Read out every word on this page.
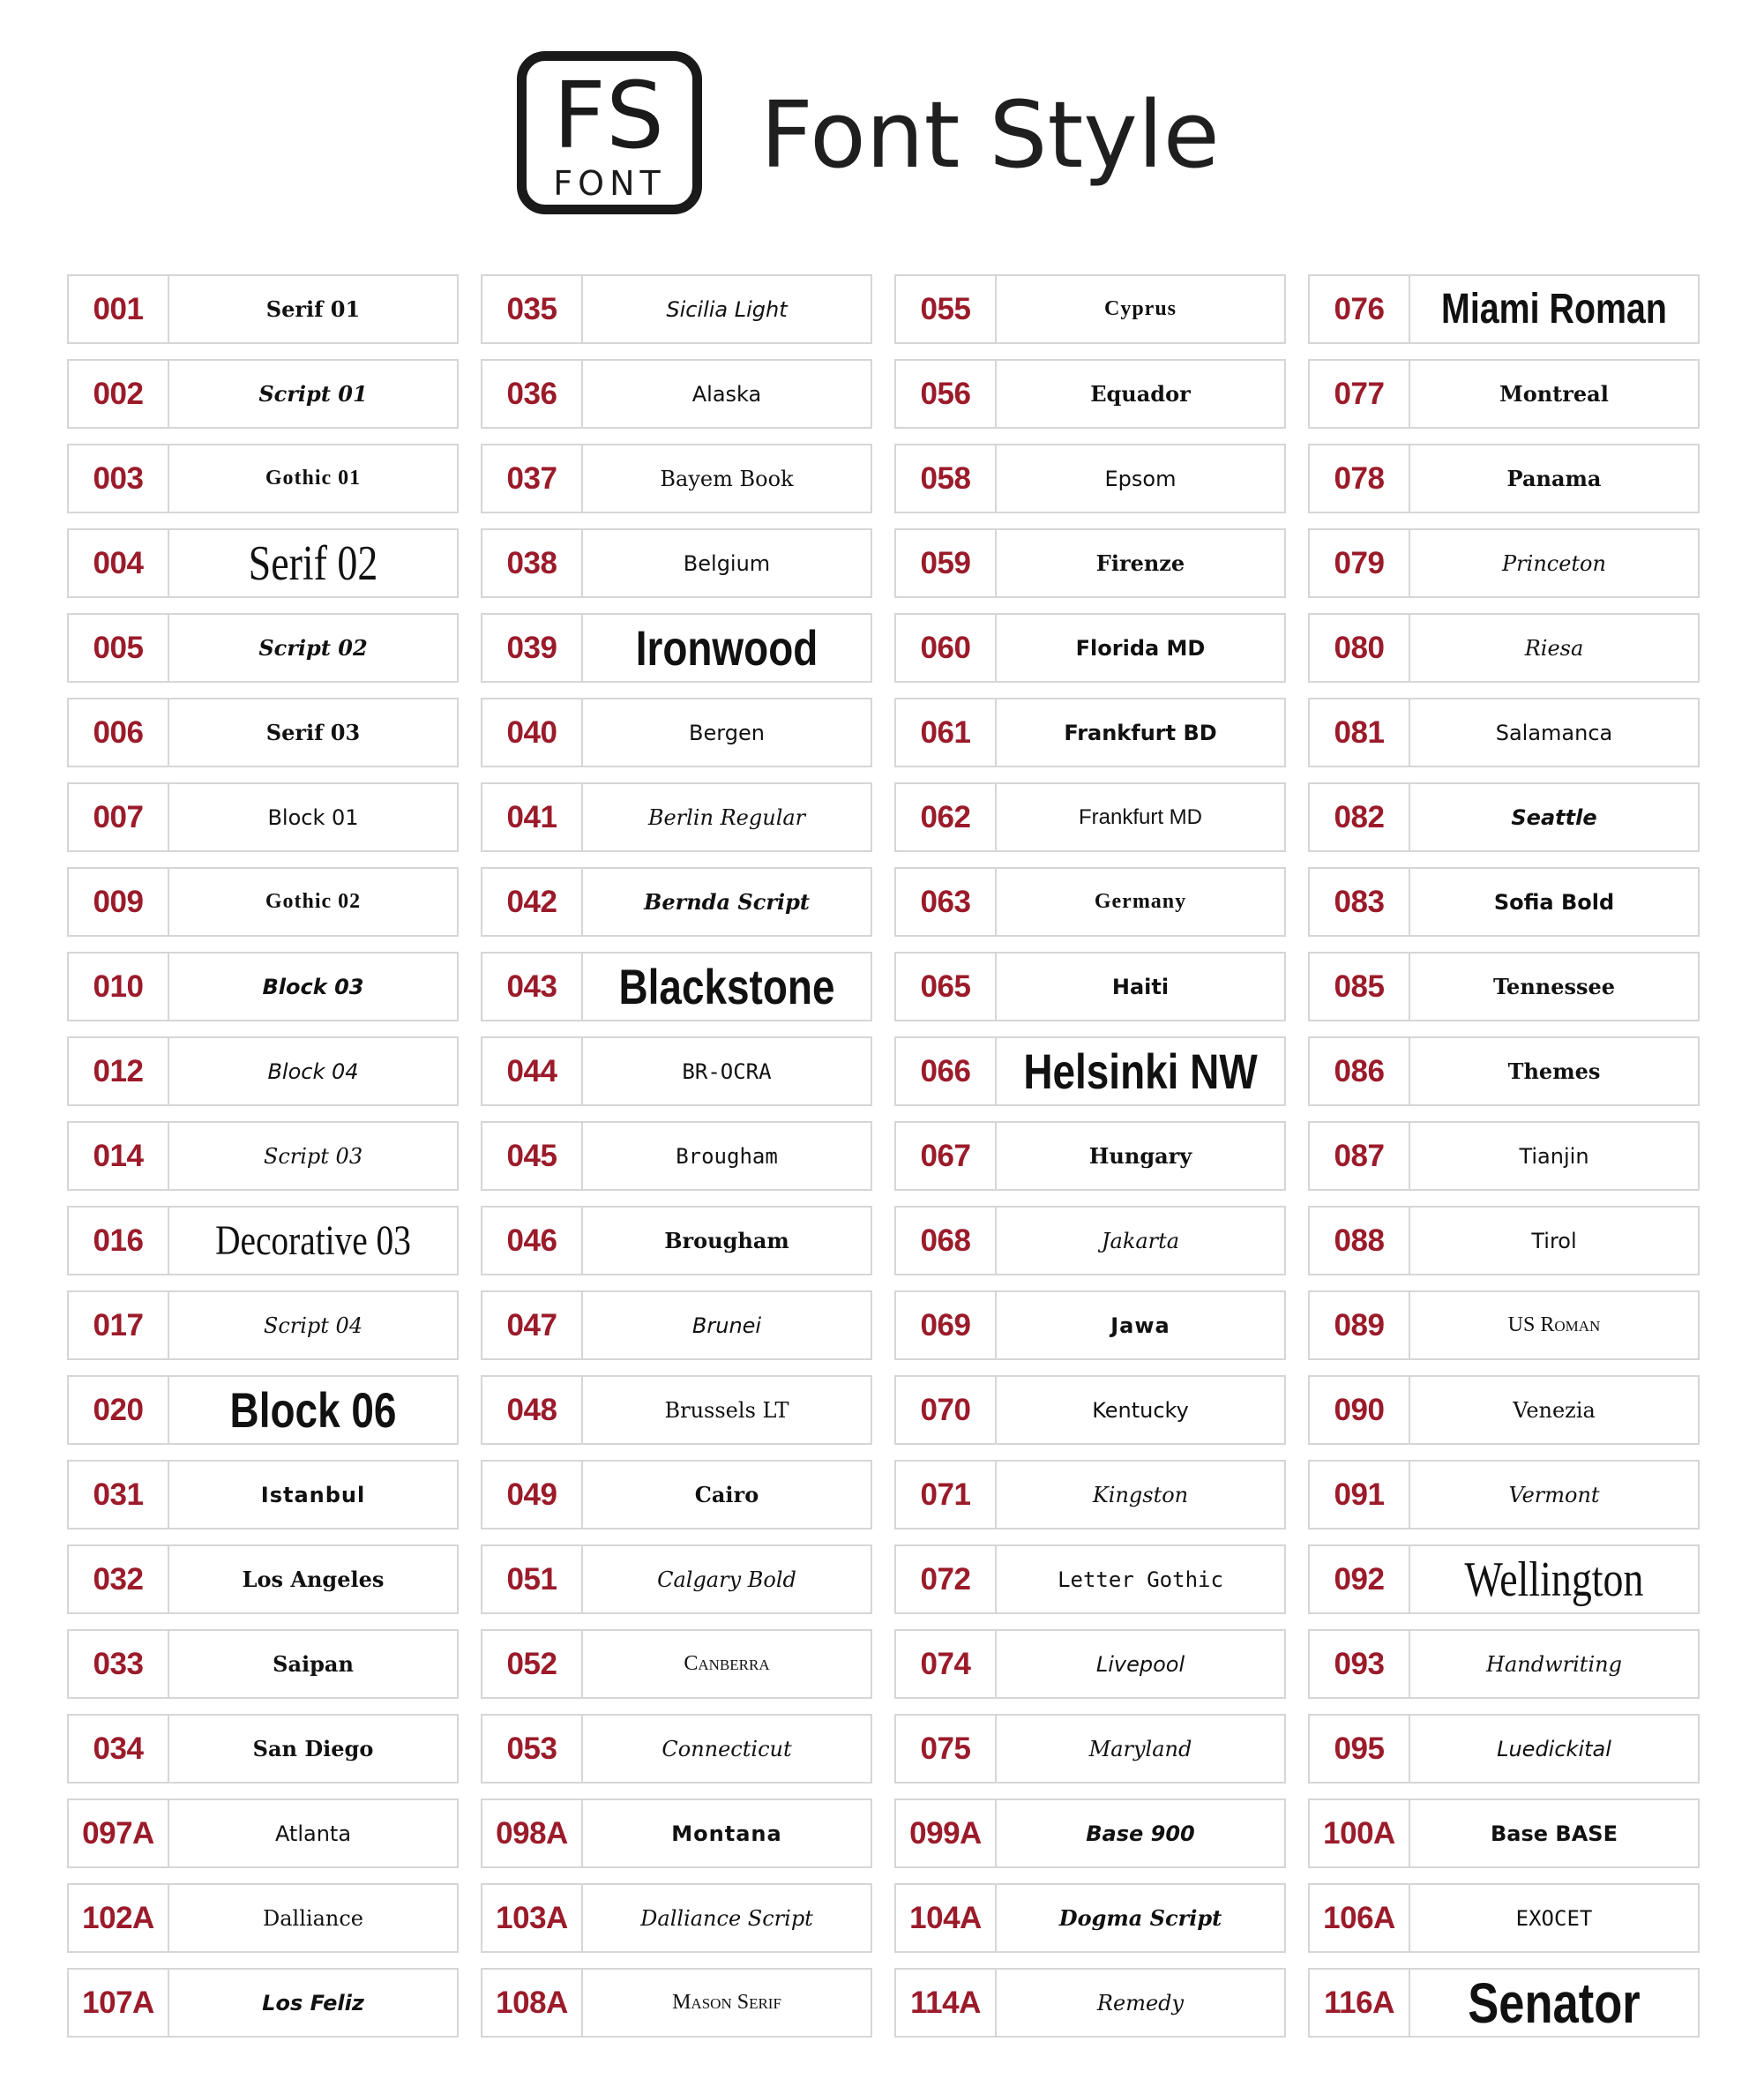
FS
FONT Font Style
001	Serif 01	035	Sicilia Light	055	Cyprus	076	Miami Roman
002	Script 01	036	Alaska	056	Equador	077	Montreal
003	Gothic 01	037	Bayem Book	058	Epsom	078	Panama
004	Serif 02	038	Belgium	059	Firenze	079	Princeton
005	Script 02	039	Ironwood	060	Florida MD	080	Riesa
006	Serif 03	040	Bergen	061	Frankfurt BD	081	Salamanca
007	Block 01	041	Berlin Regular	062	Frankfurt MD	082	Seattle
009	Gothic 02	042	Bernda Script	063	Germany	083	Sofia Bold
010	Block 03	043	Blackstone	065	Haiti	085	Tennessee
012	Block 04	044	BR-OCRA	066	Helsinki NW	086	Themes
014	Script 03	045	Brougham	067	Hungary	087	Tianjin
016	Decorative 03	046	Brougham	068	Jakarta	088	Tirol
017	Script 04	047	Brunei	069	Jawa	089	US Roman
020	Block 06	048	Brussels LT	070	Kentucky	090	Venezia
031	Istanbul	049	Cairo	071	Kingston	091	Vermont
032	Los Angeles	051	Calgary Bold	072	Letter Gothic	092	Wellington
033	Saipan	052	Canberra	074	Livepool	093	Handwriting
034	San Diego	053	Connecticut	075	Maryland	095	Luedickital
097A	Atlanta	098A	Montana	099A	Base 900	100A	Base BASE
102A	Dalliance	103A	Dalliance Script	104A	Dogma Script	106A	EXOCET
107A	Los Feliz	108A	Mason Serif	114A	Remedy	116A	Senator
